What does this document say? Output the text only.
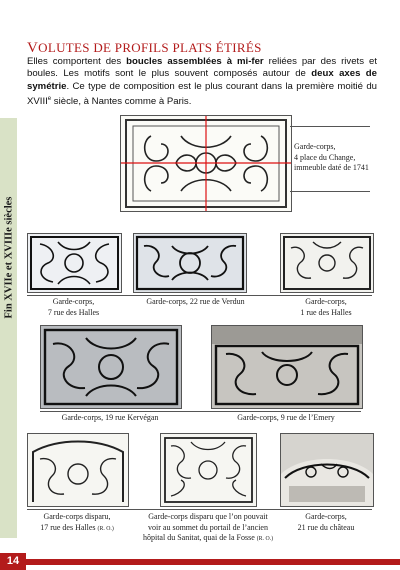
Fin XVIIe et XVIIIe siècles
VOLUTES DE PROFILS PLATS ÉTIRÉS
Elles comportent des boucles assemblées à mi-fer reliées par des rivets et boules. Les motifs sont le plus souvent composés autour de deux axes de symétrie. Ce type de composition est le plus courant dans la première moitié du XVIIIe siècle, à Nantes comme à Paris.
Garde-corps,
4 place du Change,
immeuble daté de 1741
Garde-corps,
7 rue des Halles
Garde-corps, 22 rue de Verdun	Garde-corps,
1 rue des Halles
Garde-corps, 19 rue Kervégan	Garde-corps, 9 rue de l’Emery
Garde-corps disparu,
17 rue des Halles (R. O.)
Garde-corps disparu que l’on pouvait
voir au sommet du portail de l’ancien
hôpital du Sanitat, quai de la Fosse (R. O.)
Garde-corps,
21 rue du château
14
